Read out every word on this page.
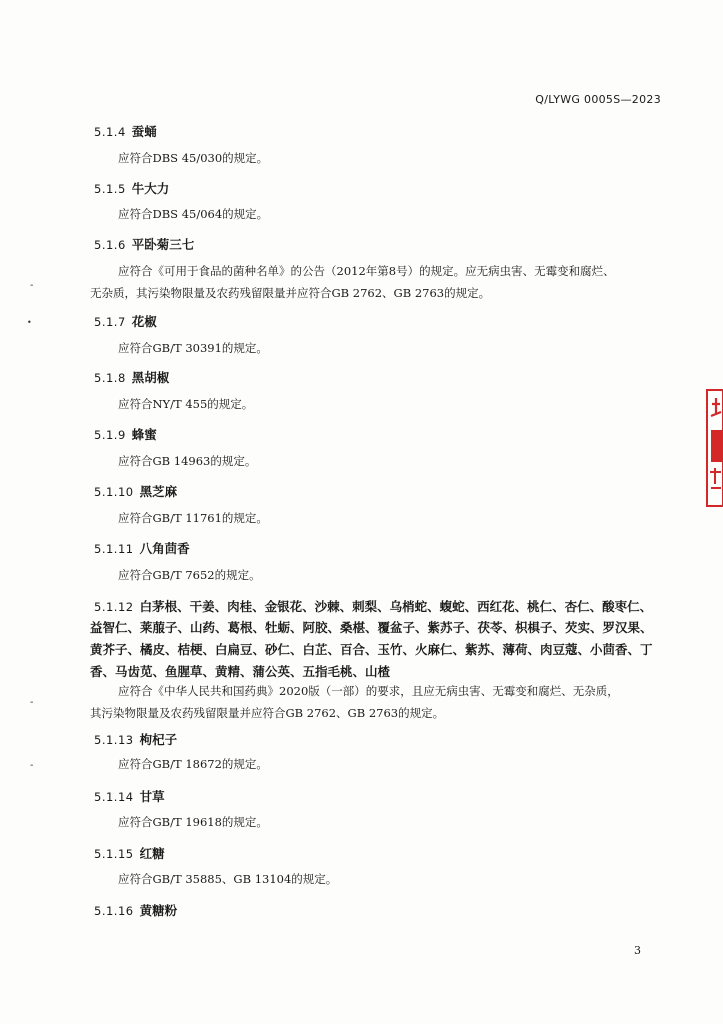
Q/LYWG 0005S—2023
5.1.4 蚕蛹
应符合DBS 45/030的规定。
5.1.5 牛大力
应符合DBS 45/064的规定。
5.1.6 平卧菊三七
应符合《可用于食品的菌种名单》的公告（2012年第8号）的规定。应无病虫害、无霉变和腐烂、
无杂质，其污染物限量及农药残留限量并应符合GB 2762、GB 2763的规定。
5.1.7 花椒
应符合GB/T 30391的规定。
5.1.8 黑胡椒
应符合NY/T 455的规定。
5.1.9 蜂蜜
应符合GB 14963的规定。
5.1.10 黑芝麻
应符合GB/T 11761的规定。
5.1.11 八角茴香
应符合GB/T 7652的规定。
5.1.12 白茅根、干姜、肉桂、金银花、沙棘、刺梨、乌梢蛇、蝮蛇、西红花、桃仁、杏仁、酸枣仁、
益智仁、莱菔子、山药、葛根、牡蛎、阿胶、桑椹、覆盆子、紫苏子、茯苓、枳椇子、芡实、罗汉果、
黄芥子、橘皮、桔梗、白扁豆、砂仁、白芷、百合、玉竹、火麻仁、紫苏、薄荷、肉豆蔻、小茴香、丁
香、马齿苋、鱼腥草、黄精、蒲公英、五指毛桃、山楂
应符合《中华人民共和国药典》2020版（一部）的要求，且应无病虫害、无霉变和腐烂、无杂质，
其污染物限量及农药残留限量并应符合GB 2762、GB 2763的规定。
5.1.13 枸杞子
应符合GB/T 18672的规定。
5.1.14 甘草
应符合GB/T 19618的规定。
5.1.15 红糖
应符合GB/T 35885、GB 13104的规定。
5.1.16 黄糖粉
3
-
•
-
-
